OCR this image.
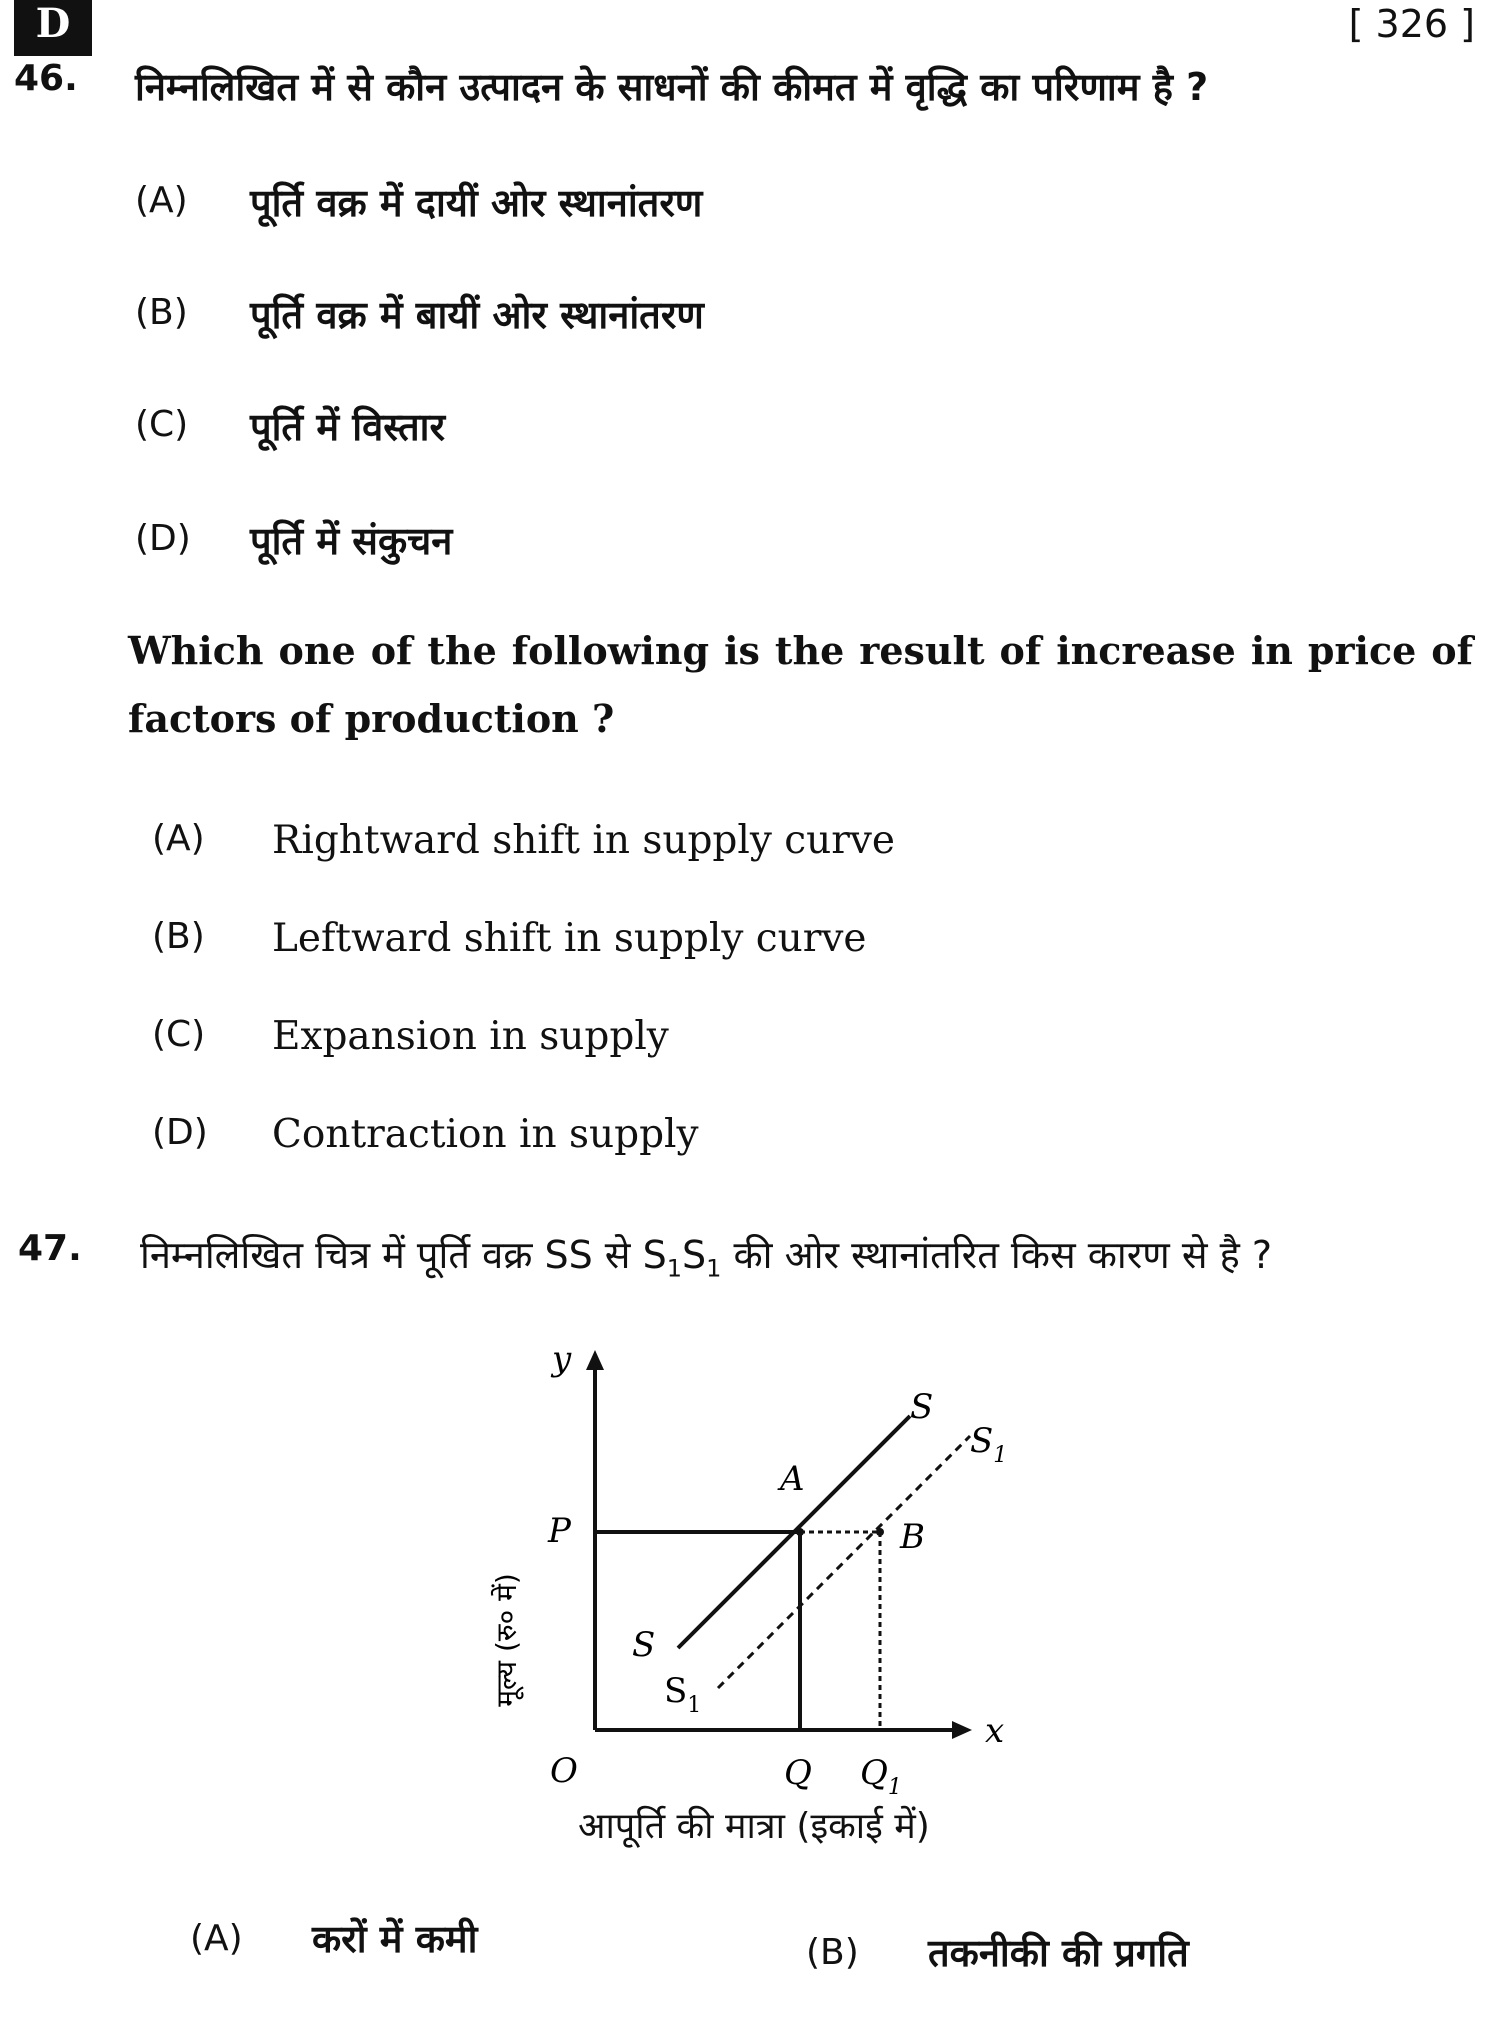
D	[ 326 ]
46. निम्नलिखित में से कौन उत्पादन के साधनों की कीमत में वृद्धि का परिणाम है ?
(A) पूर्ति वक्र में दायीं ओर स्थानांतरण
(B) पूर्ति वक्र में बायीं ओर स्थानांतरण
(C) पूर्ति में विस्तार
(D) पूर्ति में संकुचन
Which one of the following is the result of increase in price of
factors of production ?
(A) Rightward shift in supply curve
(B) Leftward shift in supply curve
(C) Expansion in supply
(D) Contraction in supply
47. निम्नलिखित चित्र में पूर्ति वक्र SS से $S_1S_1$ की ओर स्थानांतरित किस कारण से है ?
y
x
O
P
A
B
Q $Q_1$
S
$S_1$
S
$S_1$
मूल्य (रु० में)
आपूर्ति की मात्रा (इकाई में)
(A) करों में कमी	(B) तकनीकी की प्रगति
